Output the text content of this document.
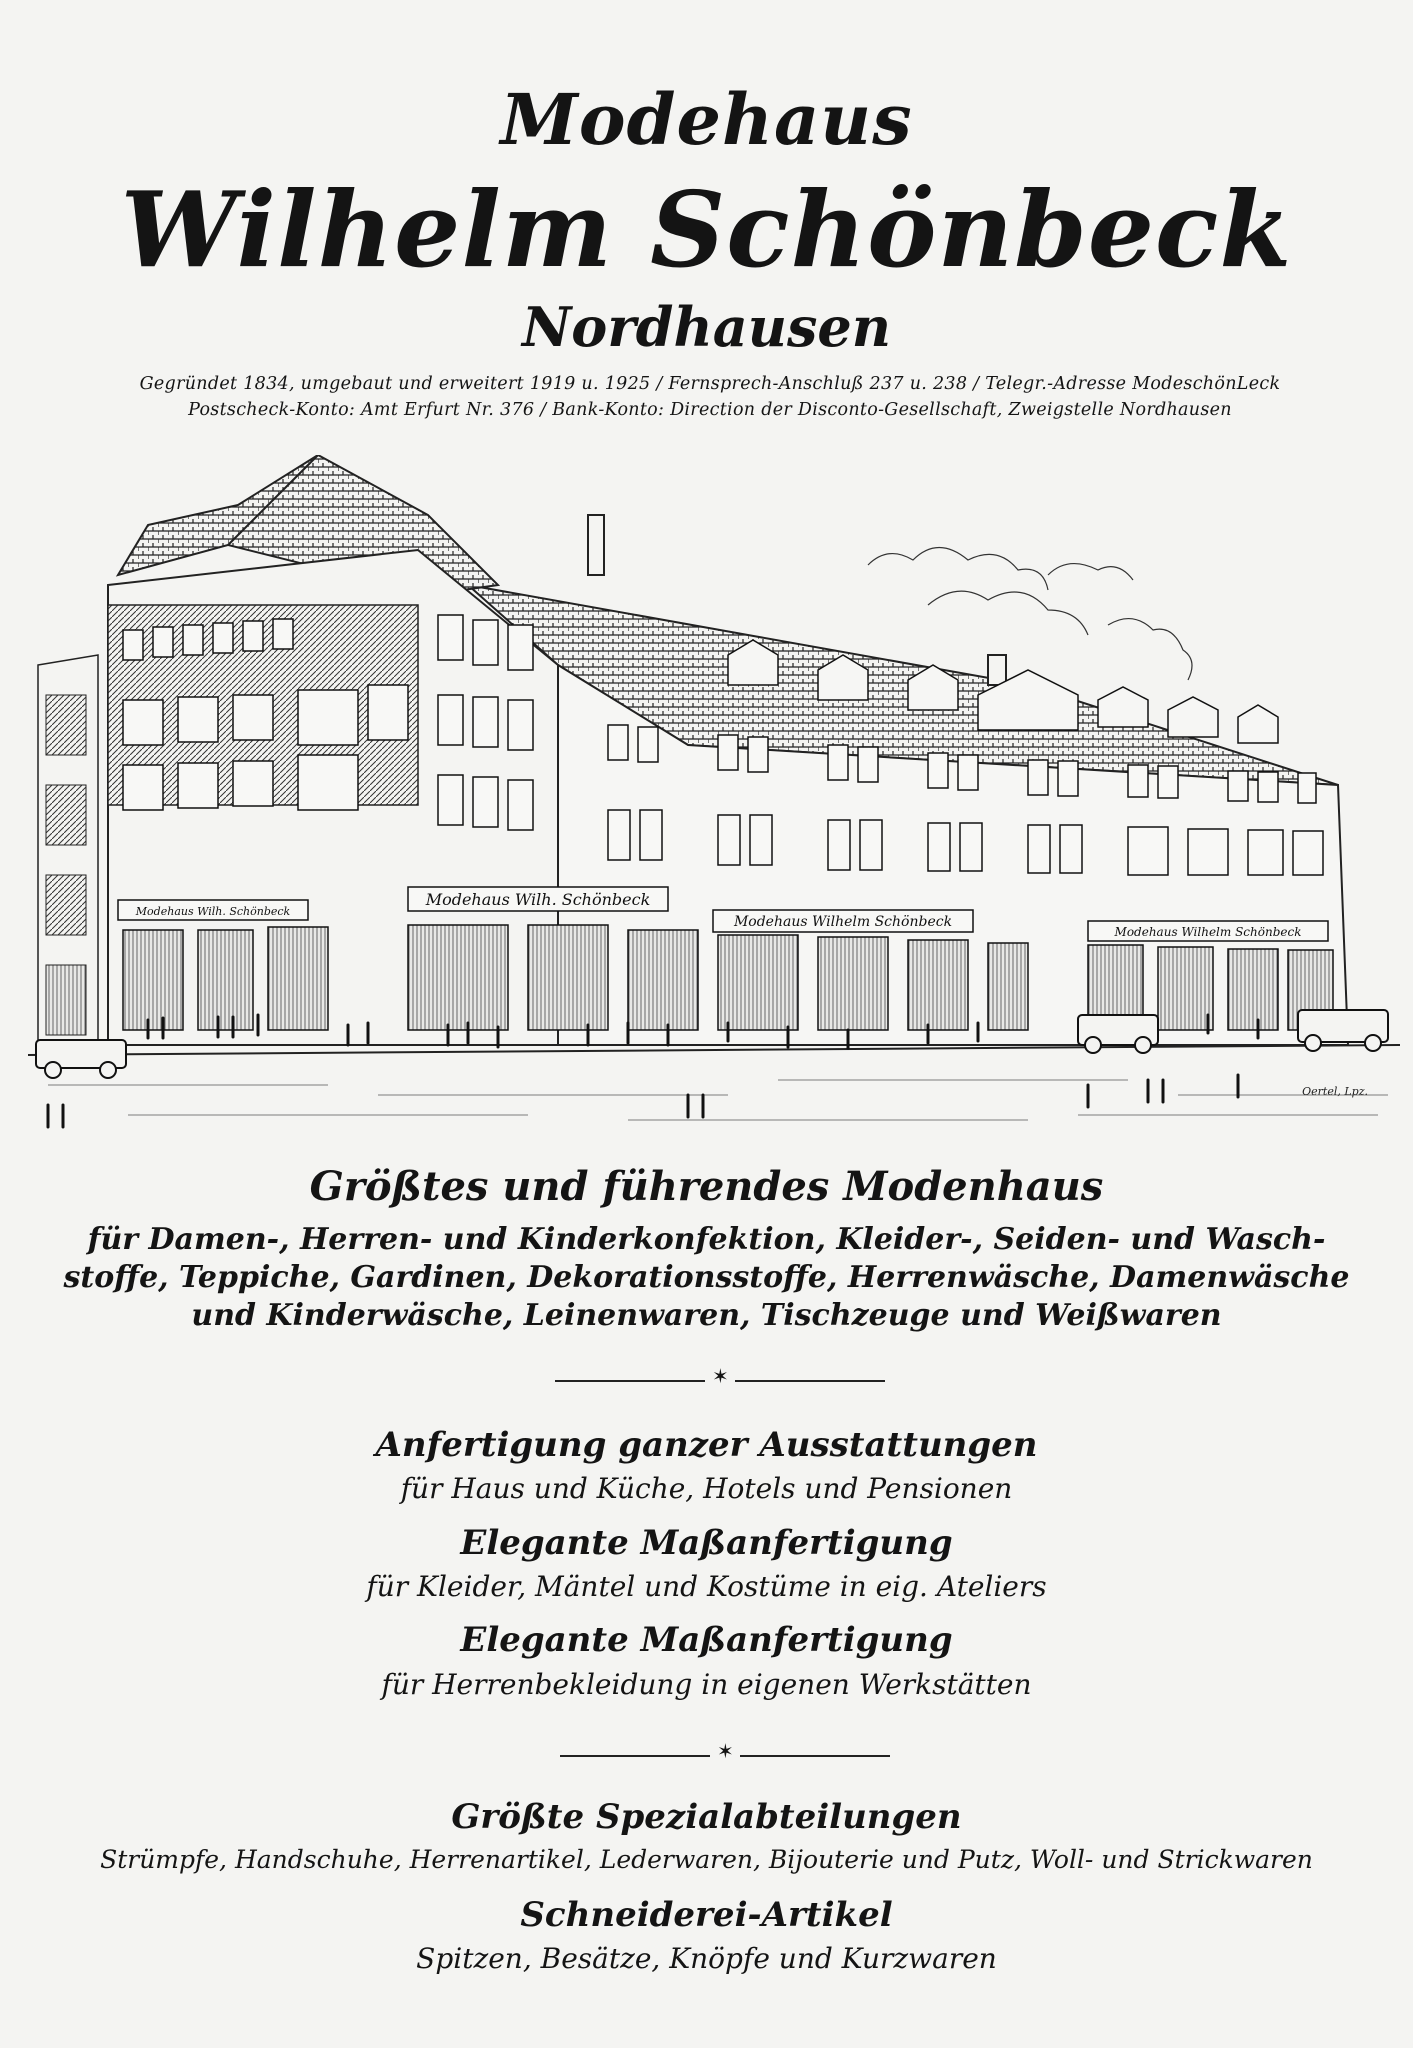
Modehaus
Wilhelm Schönbeck
Nordhausen
Gegründet 1834, umgebaut und erweitert 1919 u. 1925 / Fernsprech-Anschluß 237 u. 238 / Telegr.-Adresse ModeschönLeck
Postscheck-Konto: Amt Erfurt Nr. 376 / Bank-Konto: Direction der Disconto-Gesellschaft, Zweigstelle Nordhausen
Modehaus Wilh. Schönbeck
Modehaus Wilh. Schönbeck
Modehaus Wilhelm Schönbeck
Modehaus Wilhelm Schönbeck
Oertel, Lpz.
Größtes und führendes Modenhaus
für Damen-, Herren- und Kinderkonfektion, Kleider-, Seiden- und Wasch-
stoffe, Teppiche, Gardinen, Dekorationsstoffe, Herrenwäsche, Damenwäsche
und Kinderwäsche, Leinenwaren, Tischzeuge und Weißwaren
✶
Anfertigung ganzer Ausstattungen
für Haus und Küche, Hotels und Pensionen
Elegante Maßanfertigung
für Kleider, Mäntel und Kostüme in eig. Ateliers
Elegante Maßanfertigung
für Herrenbekleidung in eigenen Werkstätten
✶
Größte Spezialabteilungen
Strümpfe, Handschuhe, Herrenartikel, Lederwaren, Bijouterie und Putz, Woll- und Strickwaren
Schneiderei-Artikel
Spitzen, Besätze, Knöpfe und Kurzwaren
